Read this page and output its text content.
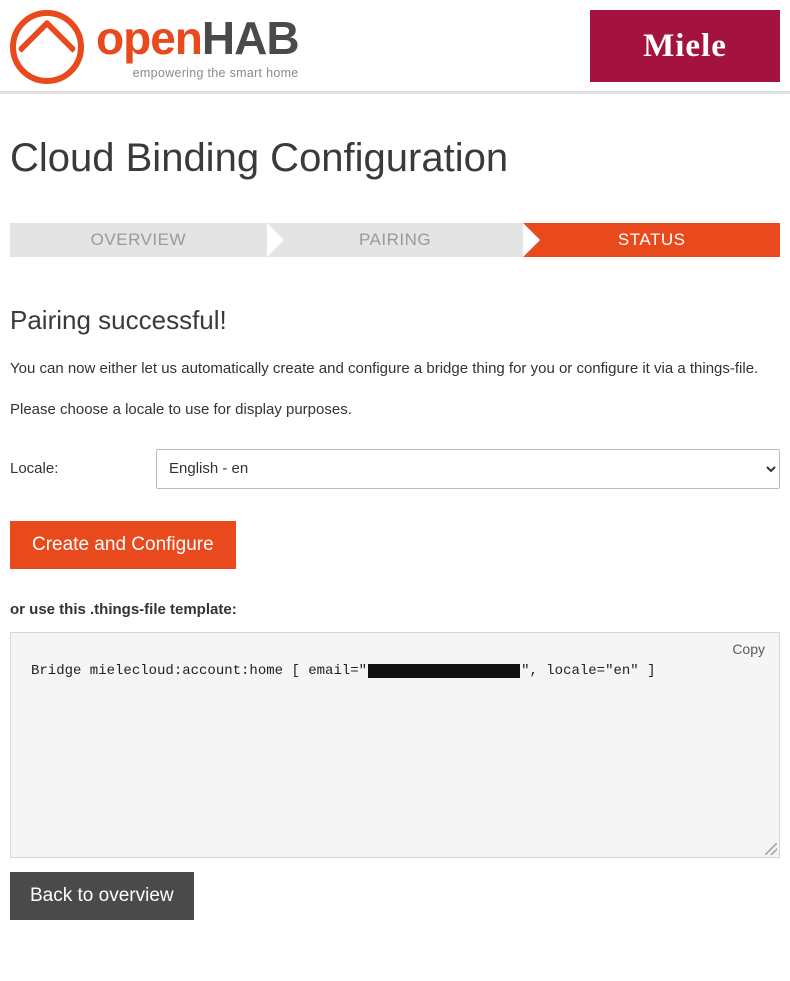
openHAB
empowering the smart home
Miele
Cloud Binding Configuration
OVERVIEW	PAIRING	STATUS
Pairing successful!

You can now either let us automatically create and configure a bridge thing for you or configure it via a things-file.

Please choose a locale to use for display purposes.

Locale:
English - en
Create and Configure
or use this .things-file template:
Copy
Bridge mielecloud:account:home [ email="	", locale="en" ]
Back to overview
